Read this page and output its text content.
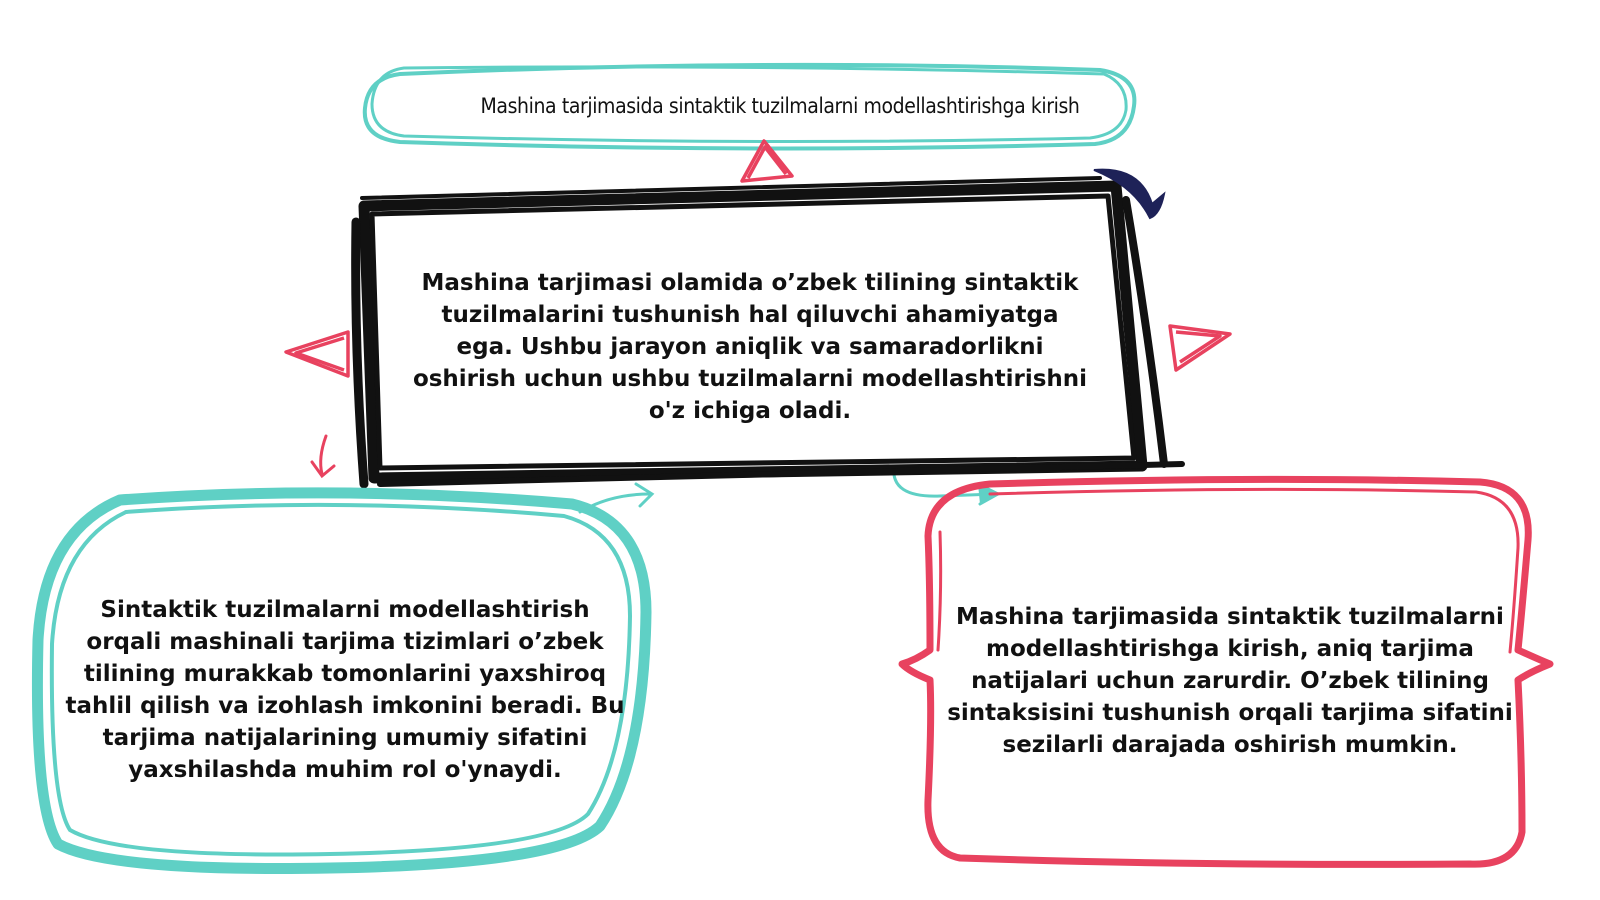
Mashina tarjimasida sintaktik tuzilmalarni modellashtirishga kirish
Mashina tarjimasi olamida o’zbek tilining sintaktik tuzilmalarini tushunish hal qiluvchi ahamiyatga ega. Ushbu jarayon aniqlik va samaradorlikni oshirish uchun ushbu tuzilmalarni modellashtirishni o'z ichiga oladi.
Sintaktik tuzilmalarni modellashtirish orqali mashinali tarjima tizimlari o’zbek tilining murakkab tomonlarini yaxshiroq tahlil qilish va izohlash imkonini beradi. Bu tarjima natijalarining umumiy sifatini yaxshilashda muhim rol o'ynaydi.
Mashina tarjimasida sintaktik tuzilmalarni modellashtirishga kirish, aniq tarjima natijalari uchun zarurdir. O’zbek tilining sintaksisini tushunish orqali tarjima sifatini sezilarli darajada oshirish mumkin.
